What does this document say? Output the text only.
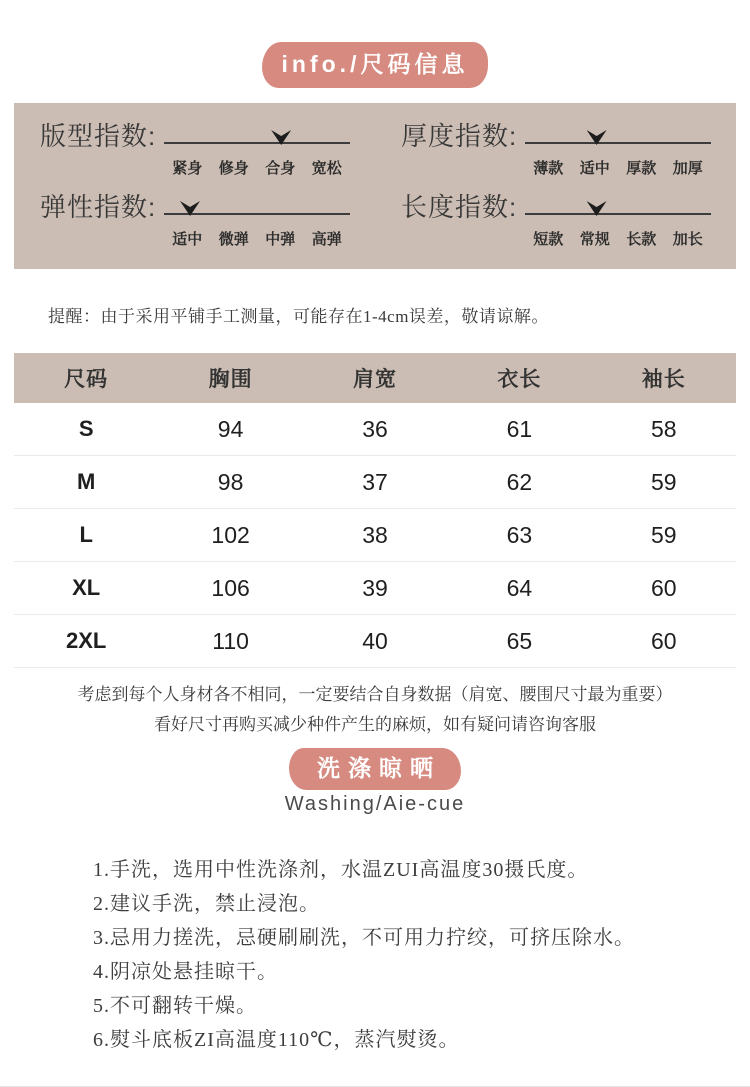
info./尺码信息
版型指数:
紧身	修身	合身	宽松
厚度指数:
薄款	适中	厚款	加厚
弹性指数:
适中	微弹	中弹	高弹
长度指数:
短款	常规	长款	加长

提醒：由于采用平铺手工测量，可能存在1-4cm误差，敬请谅解。

尺码	胸围	肩宽	衣长	袖长
S	94	36	61	58
M	98	37	62	59
L	102	38	63	59
XL	106	39	64	60
2XL	110	40	65	60

考虑到每个人身材各不相同，一定要结合自身数据（肩宽、腰围尺寸最为重要）

看好尺寸再购买减少种件产生的麻烦，如有疑问请咨询客服

洗涤晾晒

Washing/Aie-cue

1.手洗，选用中性洗涤剂，水温ZUI高温度30摄氏度。
2.建议手洗，禁止浸泡。
3.忌用力搓洗，忌硬刷刷洗，不可用力拧绞，可挤压除水。
4.阴凉处悬挂晾干。
5.不可翻转干燥。
6.熨斗底板ZI高温度110℃，蒸汽熨烫。
